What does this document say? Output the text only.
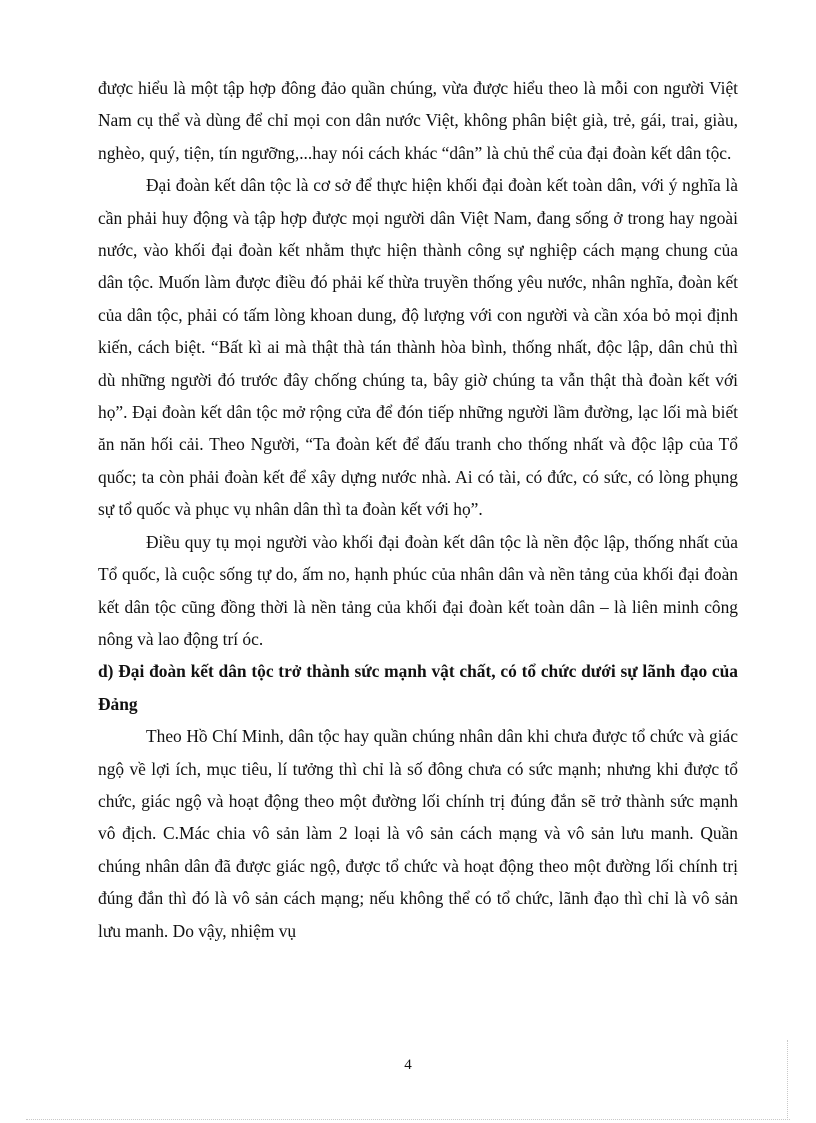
được hiểu là một tập hợp đông đảo quần chúng, vừa được hiểu theo là mỗi con người Việt Nam cụ thể và dùng để chỉ mọi con dân nước Việt, không phân biệt già, trẻ, gái, trai, giàu, nghèo, quý, tiện, tín ngưỡng,...hay nói cách khác “dân” là chủ thể của đại đoàn kết dân tộc.

Đại đoàn kết dân tộc là cơ sở để thực hiện khối đại đoàn kết toàn dân, với ý nghĩa là cần phải huy động và tập hợp được mọi người dân Việt Nam, đang sống ở trong hay ngoài nước, vào khối đại đoàn kết nhằm thực hiện thành công sự nghiệp cách mạng chung của dân tộc. Muốn làm được điều đó phải kế thừa truyền thống yêu nước, nhân nghĩa, đoàn kết của dân tộc, phải có tấm lòng khoan dung, độ lượng với con người và cần xóa bỏ mọi định kiến, cách biệt. “Bất kì ai mà thật thà tán thành hòa bình, thống nhất, độc lập, dân chủ thì dù những người đó trước đây chống chúng ta, bây giờ chúng ta vẫn thật thà đoàn kết với họ”. Đại đoàn kết dân tộc mở rộng cửa để đón tiếp những người lầm đường, lạc lối mà biết ăn năn hối cải. Theo Người, “Ta đoàn kết để đấu tranh cho thống nhất và độc lập của Tổ quốc; ta còn phải đoàn kết để xây dựng nước nhà. Ai có tài, có đức, có sức, có lòng phụng sự tổ quốc và phục vụ nhân dân thì ta đoàn kết với họ”.

Điều quy tụ mọi người vào khối đại đoàn kết dân tộc là nền độc lập, thống nhất của Tổ quốc, là cuộc sống tự do, ấm no, hạnh phúc của nhân dân và nền tảng của khối đại đoàn kết dân tộc cũng đồng thời là nền tảng của khối đại đoàn kết toàn dân – là liên minh công nông và lao động trí óc.

d) Đại đoàn kết dân tộc trở thành sức mạnh vật chất, có tổ chức dưới sự lãnh đạo của Đảng

Theo Hồ Chí Minh, dân tộc hay quần chúng nhân dân khi chưa được tổ chức và giác ngộ về lợi ích, mục tiêu, lí tưởng thì chỉ là số đông chưa có sức mạnh; nhưng khi được tổ chức, giác ngộ và hoạt động theo một đường lối chính trị đúng đắn sẽ trở thành sức mạnh vô địch. C.Mác chia vô sản làm 2 loại là vô sản cách mạng và vô sản lưu manh. Quần chúng nhân dân đã được giác ngộ, được tổ chức và hoạt động theo một đường lối chính trị đúng đắn thì đó là vô sản cách mạng; nếu không thể có tổ chức, lãnh đạo thì chỉ là vô sản lưu manh. Do vậy, nhiệm vụ

4
